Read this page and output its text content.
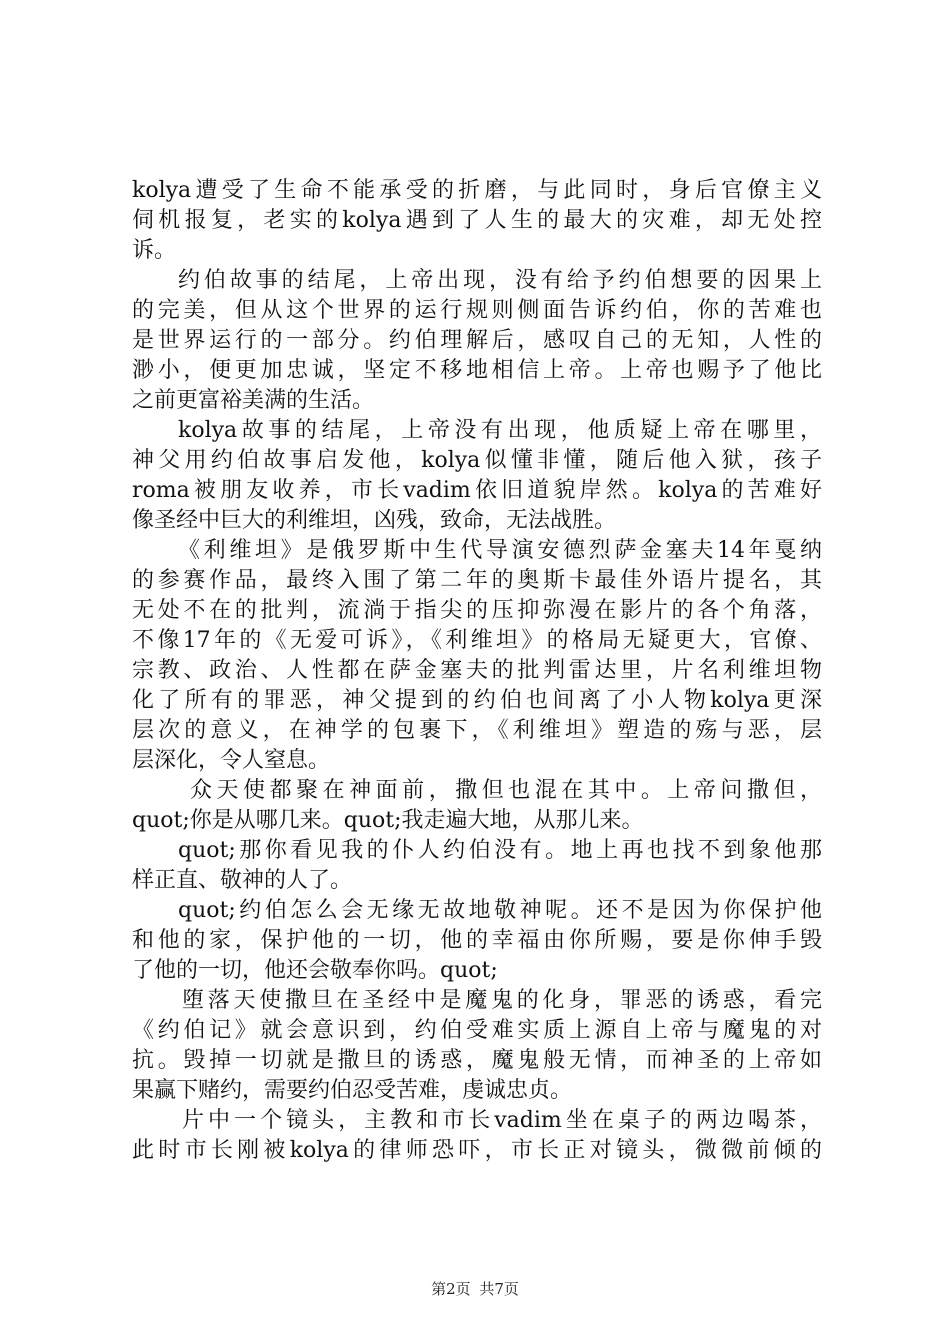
kolya遭受了生命不能承受的折磨，与此同时，身后官僚主义
伺机报复，老实的kolya遇到了人生的最大的灾难，却无处控
诉。
约伯故事的结尾，上帝出现，没有给予约伯想要的因果上
的完美，但从这个世界的运行规则侧面告诉约伯，你的苦难也
是世界运行的一部分。约伯理解后，感叹自己的无知，人性的
渺小，便更加忠诚，坚定不移地相信上帝。上帝也赐予了他比
之前更富裕美满的生活。
kolya故事的结尾，上帝没有出现，他质疑上帝在哪里，
神父用约伯故事启发他，kolya似懂非懂，随后他入狱，孩子
roma被朋友收养，市长vadim依旧道貌岸然。kolya的苦难好
像圣经中巨大的利维坦，凶残，致命，无法战胜。
《利维坦》是俄罗斯中生代导演安德烈萨金塞夫14年戛纳
的参赛作品，最终入围了第二年的奥斯卡最佳外语片提名，其
无处不在的批判，流淌于指尖的压抑弥漫在影片的各个角落，
不像17年的《无爱可诉》，《利维坦》的格局无疑更大，官僚、
宗教、政治、人性都在萨金塞夫的批判雷达里，片名利维坦物
化了所有的罪恶，神父提到的约伯也间离了小人物kolya更深
层次的意义，在神学的包裹下，《利维坦》塑造的殇与恶，层
层深化，令人窒息。
众天使都聚在神面前，撒但也混在其中。上帝问撒但，
quot;你是从哪几来。quot;我走遍大地，从那儿来。
quot;那你看见我的仆人约伯没有。地上再也找不到象他那
样正直、敬神的人了。
quot;约伯怎么会无缘无故地敬神呢。还不是因为你保护他
和他的家，保护他的一切，他的幸福由你所赐，要是你伸手毁
了他的一切，他还会敬奉你吗。quot;
堕落天使撒旦在圣经中是魔鬼的化身，罪恶的诱惑，看完
《约伯记》就会意识到，约伯受难实质上源自上帝与魔鬼的对
抗。毁掉一切就是撒旦的诱惑，魔鬼般无情，而神圣的上帝如
果赢下赌约，需要约伯忍受苦难，虔诚忠贞。
片中一个镜头，主教和市长vadim坐在桌子的两边喝茶，
此时市长刚被kolya的律师恐吓，市长正对镜头，微微前倾的
第2页 共7页
